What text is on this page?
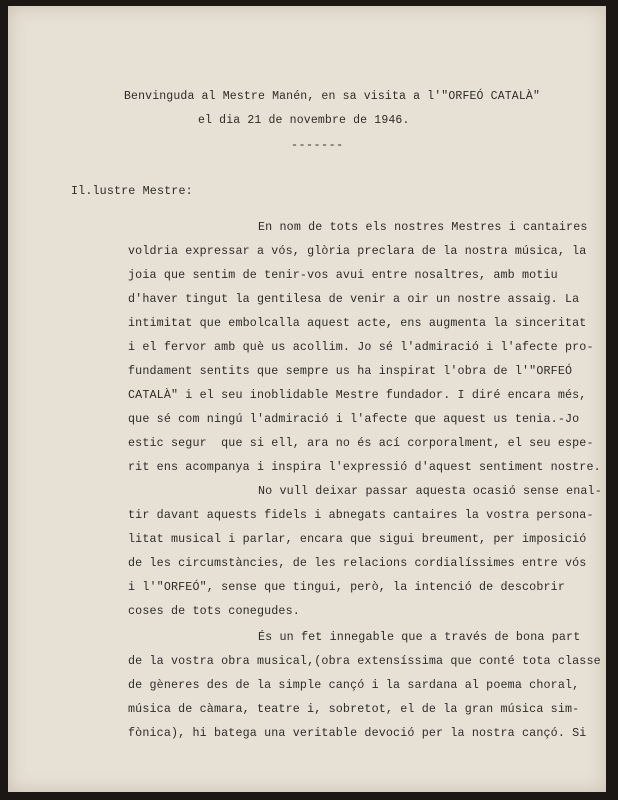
Benvinguda al Mestre Manén, en sa visita a l'"ORFEÓ CATALÀ"

el dia 21 de novembre de 1946.

-------

Il.lustre Mestre:

En nom de tots els nostres Mestres i cantaires

voldria expressar a vós, glòria preclara de la nostra música, la

joia que sentim de tenir-vos avui entre nosaltres, amb motiu

d'haver tingut la gentilesa de venir a oir un nostre assaig. La

intimitat que embolcalla aquest acte, ens augmenta la sinceritat

i el fervor amb què us acollim. Jo sé l'admiració i l'afecte pro-

fundament sentits que sempre us ha inspirat l'obra de l'"ORFEÓ

CATALÀ" i el seu inoblidable Mestre fundador. I diré encara més,

que sé com ningú l'admiració i l'afecte que aquest us tenia.-Jo

estic segur  que si ell, ara no és ací corporalment, el seu espe-

rit ens acompanya i inspira l'expressió d'aquest sentiment nostre.

No vull deixar passar aquesta ocasió sense enal-

tir davant aquests fidels i abnegats cantaires la vostra persona-

litat musical i parlar, encara que sigui breument, per imposició

de les circumstàncies, de les relacions cordialíssimes entre vós

i l'"ORFEÓ", sense que tingui, però, la intenció de descobrir

coses de tots conegudes.

És un fet innegable que a través de bona part

de la vostra obra musical,(obra extensíssima que conté tota classe

de gèneres des de la simple cançó i la sardana al poema choral,

música de càmara, teatre i, sobretot, el de la gran música sim-

fònica), hi batega una veritable devoció per la nostra cançó. Si
